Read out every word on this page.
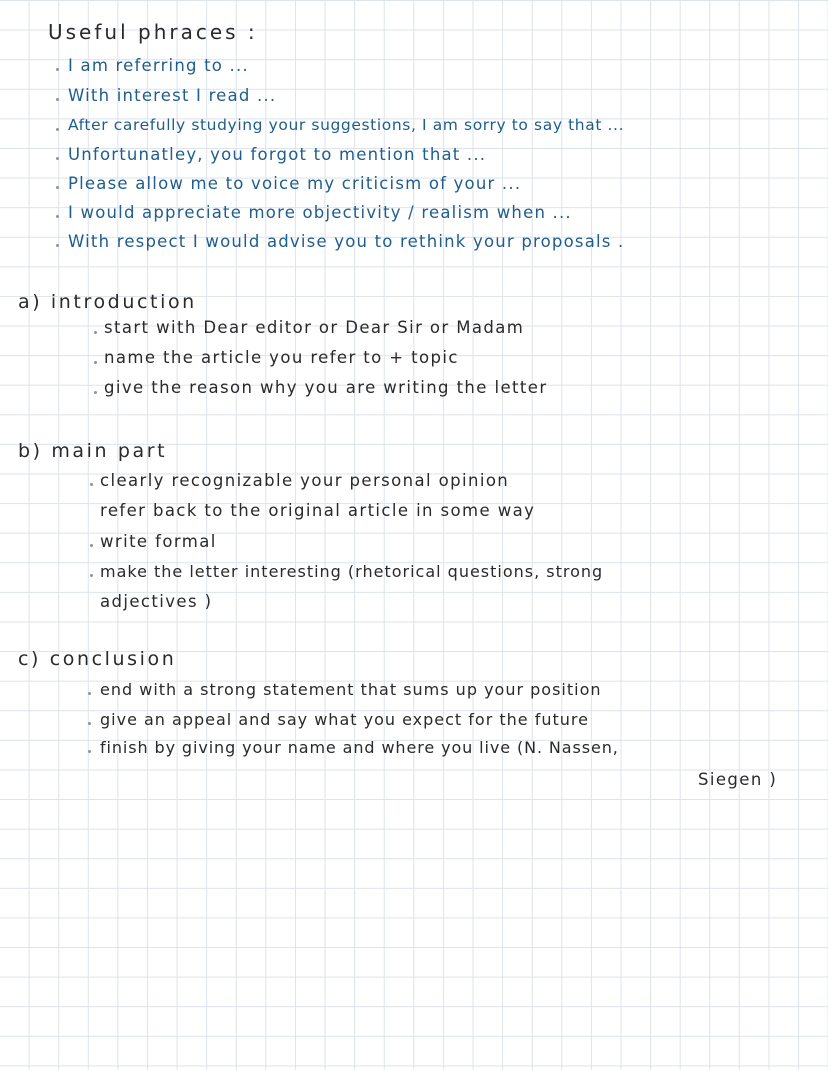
Useful phraces :
I am referring to ...
With interest I read ...
After carefully studying your suggestions, I am sorry to say that ...
Unfortunatley, you forgot to mention that ...
Please allow me to voice my criticism of your ...
I would appreciate more objectivity / realism when ...
With respect I would advise you to rethink your proposals .
a) introduction
start with Dear editor or Dear Sir or Madam
name the article you refer to + topic
give the reason why you are writing the letter
b) main part
clearly recognizable your personal opinion
refer back to the original article in some way
write formal
make the letter interesting (rhetorical questions, strong
adjectives )
c) conclusion
end with a strong statement that sums up your position
give an appeal and say what you expect for the future
finish by giving your name and where you live (N. Nassen,
Siegen )
